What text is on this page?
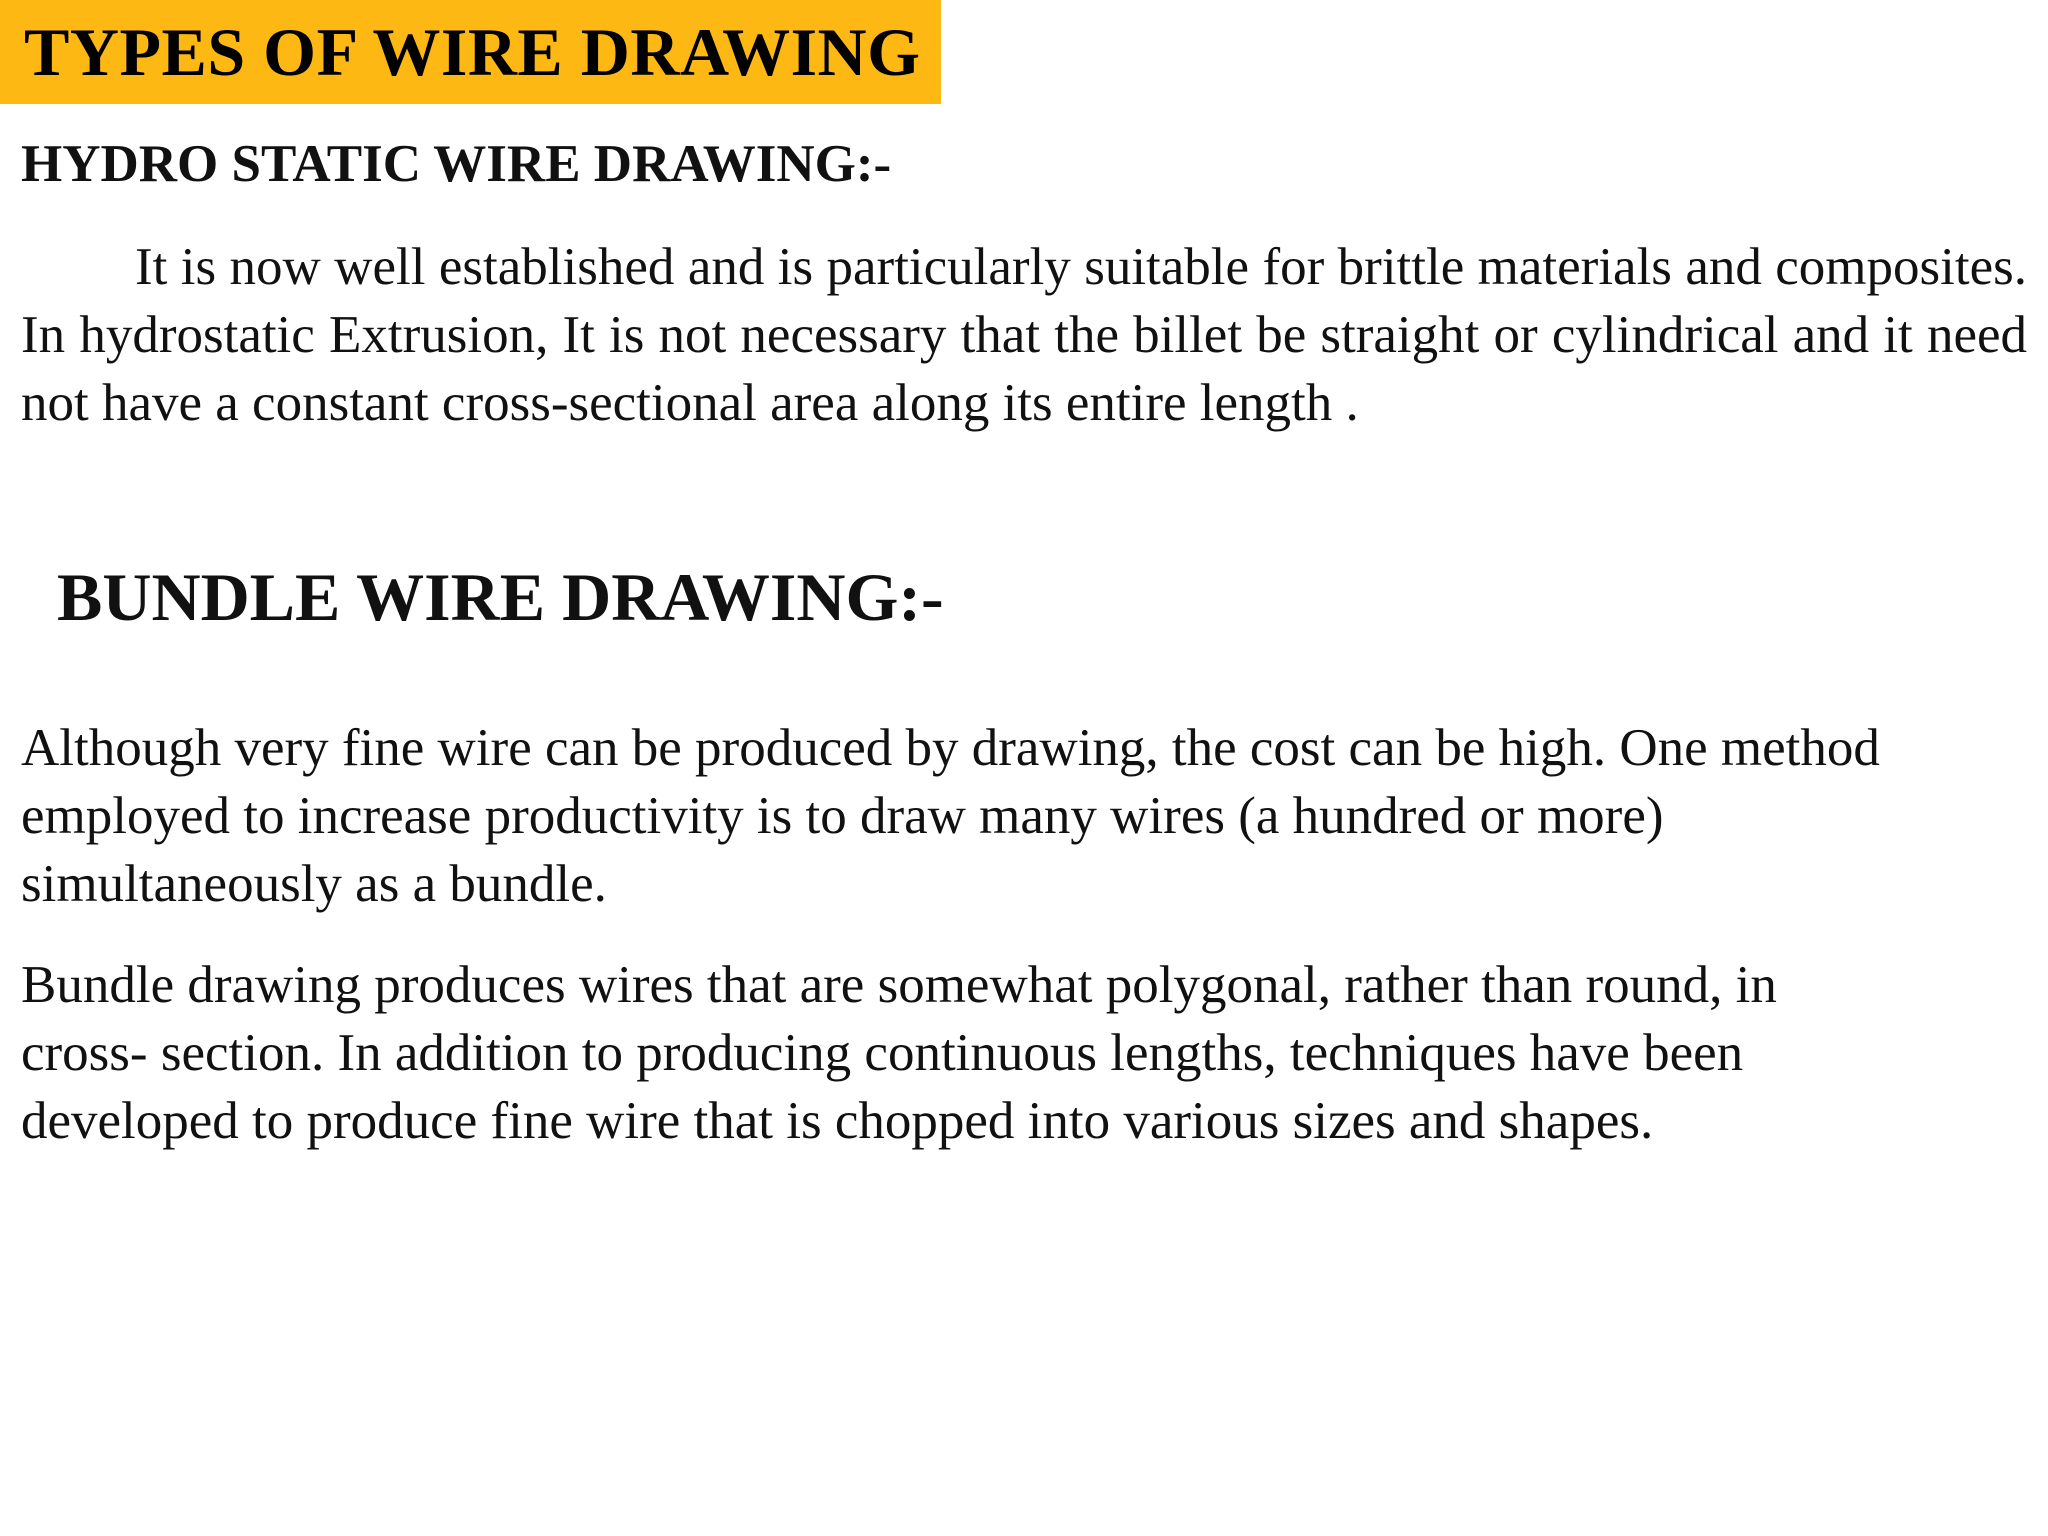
TYPES OF WIRE DRAWING
HYDRO STATIC WIRE DRAWING:-

It is now well established and is particularly suitable for brittle materials and composites. In hydrostatic Extrusion, It is not necessary that the billet be straight or cylindrical and it need not have a constant cross-sectional area along its entire length .

BUNDLE WIRE DRAWING:-

Although very fine wire can be produced by drawing, the cost can be high. One method
employed to increase productivity is to draw many wires (a hundred or more)
simultaneously as a bundle.

Bundle drawing produces wires that are somewhat polygonal, rather than round, in
cross- section. In addition to producing continuous lengths, techniques have been
developed to produce fine wire that is chopped into various sizes and shapes.
